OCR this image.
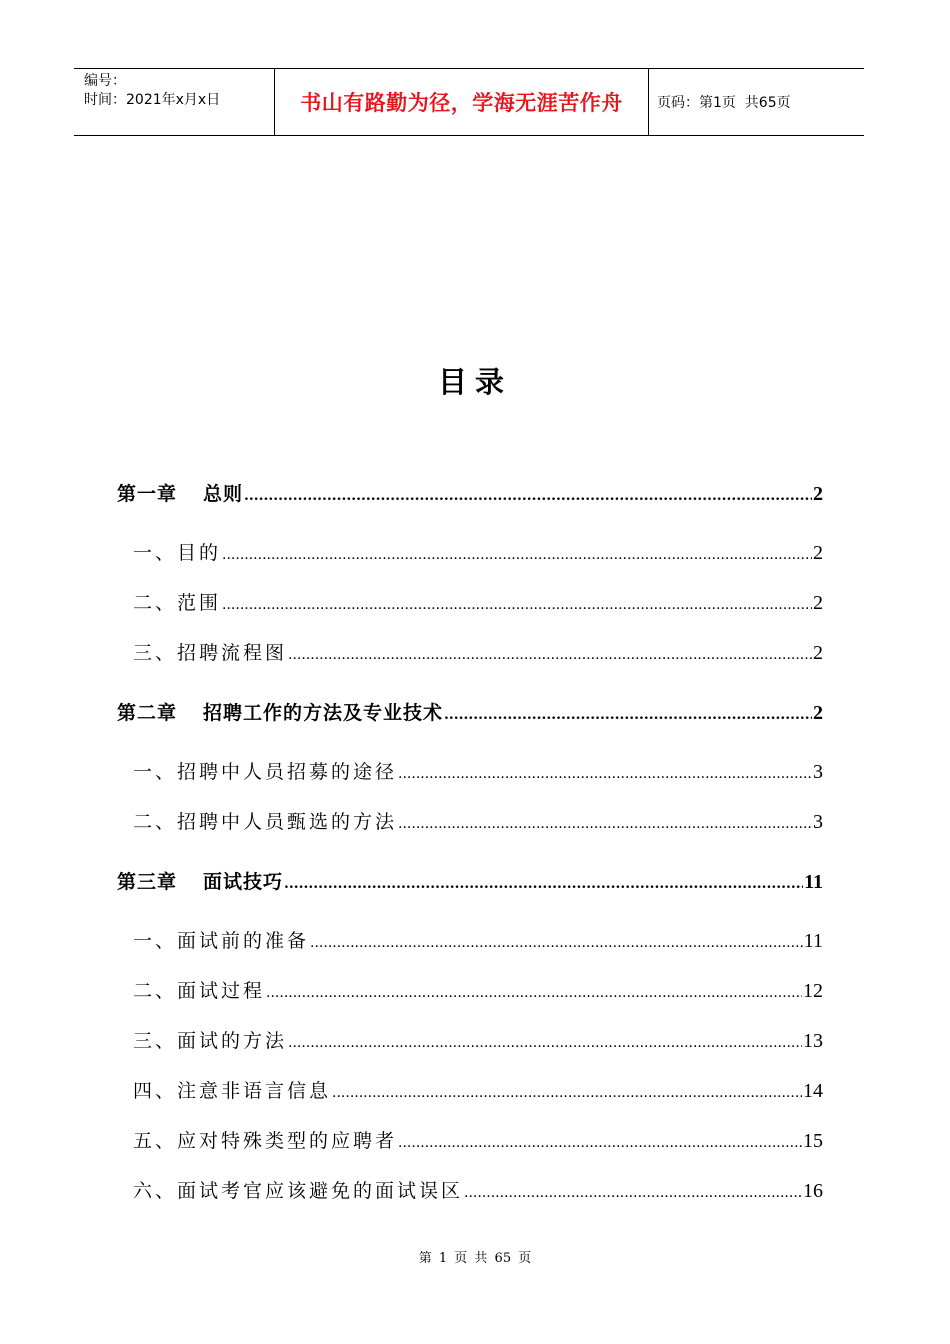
编号：
时间：2021年x月x日	书山有路勤为径，学海无涯苦作舟	页码：第1页  共65页
目录
第一章 总则 .....	2
一、目的 .....	2
二、范围 .....	2
三、招聘流程图 .....	2
第二章 招聘工作的方法及专业技术 .....	2
一、招聘中人员招募的途径 .....	3
二、招聘中人员甄选的方法 .....	3
第三章 面试技巧 .....	11
一、面试前的准备 .....	11
二、面试过程 .....	12
三、面试的方法 .....	13
四、注意非语言信息 .....	14
五、应对特殊类型的应聘者 .....	15
六、面试考官应该避免的面试误区 .....	16
第 1 页 共 65 页
